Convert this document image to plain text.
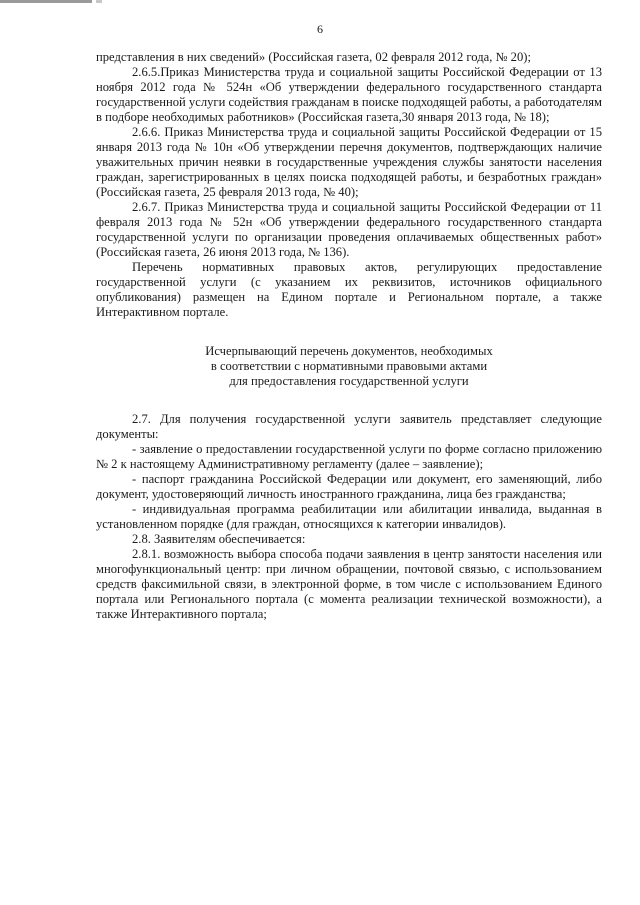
6

представления в них сведений» (Российская газета, 02 февраля 2012 года, № 20);

2.6.5.Приказ Министерства труда и социальной защиты Российской Федерации от 13 ноября 2012 года № 524н «Об утверждении федерального государственного стандарта государственной услуги содействия гражданам в поиске подходящей работы, а работодателям в подборе необходимых работников» (Российская газета,30 января 2013 года, № 18);

2.6.6. Приказ Министерства труда и социальной защиты Российской Федерации от 15 января 2013 года № 10н «Об утверждении перечня документов, подтверждающих наличие уважительных причин неявки в государственные учреждения службы занятости населения граждан, зарегистрированных в целях поиска подходящей работы, и безработных граждан» (Российская газета, 25 февраля 2013 года, № 40);

2.6.7. Приказ Министерства труда и социальной защиты Российской Федерации от 11 февраля 2013 года № 52н «Об утверждении федерального государственного стандарта государственной услуги по организации проведения оплачиваемых общественных работ» (Российская газета, 26 июня 2013 года, № 136).

Перечень нормативных правовых актов, регулирующих предоставление государственной услуги (с указанием их реквизитов, источников официального опубликования) размещен на Едином портале и Региональном портале, а также Интерактивном портале.

Исчерпывающий перечень документов, необходимых
в соответствии с нормативными правовыми актами
для предоставления государственной услуги

2.7. Для получения государственной услуги заявитель представляет следующие документы:

- заявление о предоставлении государственной услуги по форме согласно приложению № 2 к настоящему Административному регламенту (далее – заявление);

- паспорт гражданина Российской Федерации или документ, его заменяющий, либо документ, удостоверяющий личность иностранного гражданина, лица без гражданства;

- индивидуальная программа реабилитации или абилитации инвалида, выданная в установленном порядке (для граждан, относящихся к категории инвалидов).

2.8. Заявителям обеспечивается:

2.8.1. возможность выбора способа подачи заявления в центр занятости населения или многофункциональный центр: при личном обращении, почтовой связью, с использованием средств факсимильной связи, в электронной форме, в том числе с использованием Единого портала или Регионального портала (с момента реализации технической возможности), а также Интерактивного портала;
